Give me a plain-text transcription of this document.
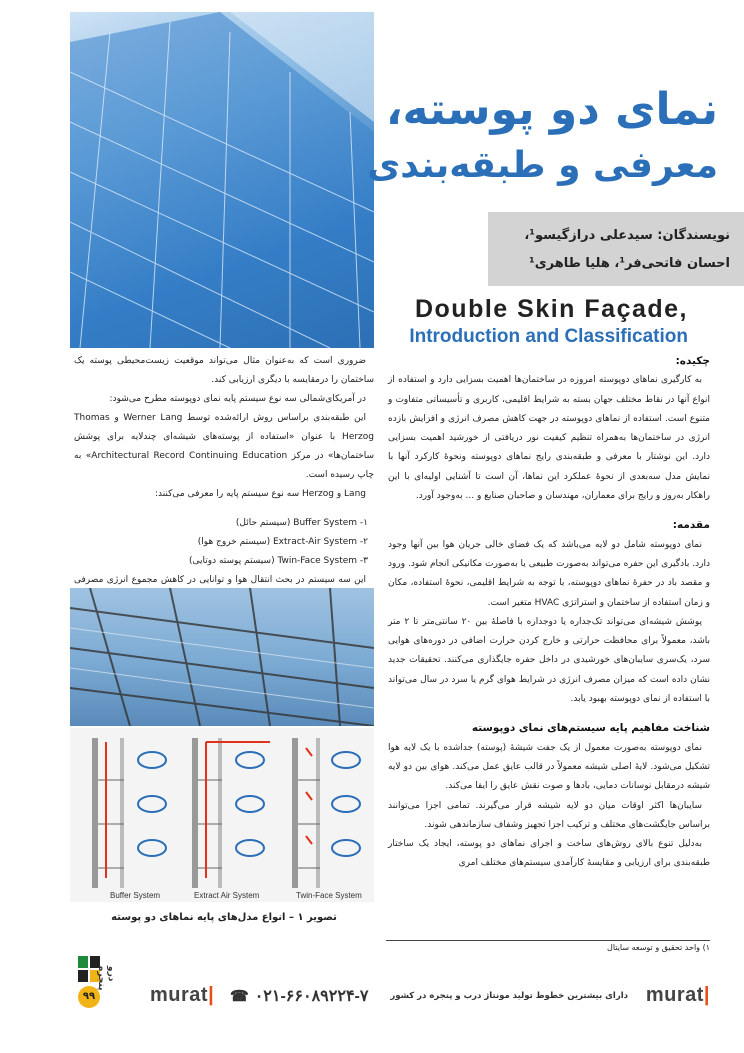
نمای دو پوسته،
معرفی و طبقه‌بندی
نویسندگان: سیدعلی درازگیسو¹،
احسان فاتحی‌فر¹، هلیا طاهری¹
Double Skin Façade,
Introduction and Classification
چکیده:
به کارگیری نماهای دوپوسته امروزه در ساختمان‌ها اهمیت بسزایی دارد و استفاده از انواع آنها در نقاط مختلف جهان بسته به شرایط اقلیمی، کاربری و تأسیساتی متفاوت و متنوع است. استفاده از نماهای دوپوسته در جهت کاهش مصرف انرژی و افزایش بازده انرژی در ساختمان‌ها به‌همراه تنظیم کیفیت نور دریافتی از خورشید اهمیت بسزایی دارد. این نوشتار با معرفی و طبقه‌بندی رایج نماهای دوپوسته ونحوۀ کارکرد آنها با نمایش مدل سه‌بعدی از نحوۀ عملکرد این نماها، آن است تا آشنایی اولیه‌ای با این راهکار به‌روز و رایج برای معماران، مهندسان و صاحبان صنایع و ... به‌وجود آورد.
مقدمه:
نمای دوپوسته شامل دو لایه می‌باشد که یک فضای خالی جریان هوا بین آنها وجود دارد. بادگیری این حفره می‌تواند به‌صورت طبیعی یا به‌صورت مکانیکی انجام شود. ورود و مقصد باد در حفرۀ نماهای دوپوسته، با توجه به شرایط اقلیمی، نحوۀ استفاده، مکان و زمان استفاده از ساختمان و استراتژی HVAC متغیر است.
پوشش شیشه‌ای می‌تواند تک‌جداره یا دوجداره با فاصلۀ بین ۲۰ سانتی‌متر تا ۲ متر باشد، معمولاً برای محافظت حرارتی و خارج کردن حرارت اضافی در دوره‌های هوایی سرد، یک‌سری سایبان‌های خورشیدی در داخل حفره جایگذاری می‌کنند. تحقیقات جدید نشان داده است که میزان مصرف انرژی در شرایط هوای گرم یا سرد در سال می‌تواند با استفاده از نمای دوپوسته بهبود یابد.
شناخت مفاهیم پایه سیستم‌های نمای دوپوسته
نمای دوپوسته به‌صورت معمول از یک جفت شیشۀ (پوسته) جداشده با یک لایه هوا تشکیل می‌شود. لایۀ اصلی شیشه معمولاً در قالب عایق عمل می‌کند. هوای بین دو لایه شیشه درمقابل نوسانات دمایی، بادها و صوت نقش عایق را ایفا می‌کند.
سایبان‌ها اکثر اوقات میان دو لایه شیشه قرار می‌گیرند. تمامی اجزا می‌توانند براساس جایگشت‌های مختلف و ترکیب اجزا تجهیز وشفاف سازماندهی شوند.
به‌دلیل تنوع بالای روش‌های ساخت و اجرای نماهای دو پوسته، ایجاد یک ساختار طبقه‌بندی برای ارزیابی و مقایسۀ کارآمدی سیستم‌های مختلف امری
ضروری است که به‌عنوان مثال می‌تواند موقعیت زیست‌محیطی پوسته یک ساختمان را درمقایسه با دیگری ارزیابی کند.
در آمریکای‌شمالی سه نوع سیستم پایه نمای دوپوسته مطرح می‌شود:
این طبقه‌بندی براساس روش ارائه‌شده توسط Werner Lang و Thomas Herzog با عنوان «استفاده از پوسته‌های شیشه‌ای چندلایه برای پوشش ساختمان‌ها» در مرکز Architectural Record Continuing Education» به چاپ رسیده است.
Lang و Herzog سه نوع سیستم پایه را معرفی می‌کنند:
۱- Buffer System (سیستم حائل)
۲- Extract-Air System (سیستم خروج هوا)
۳- Twin-Face System (سیستم پوسته دوتایی)
این سه سیستم در بحث انتقال هوا و توانایی در کاهش مجموع انرژی مصرفی
Buffer System	Extract Air System	Twin-Face System
تصویر ۱ – انواع مدل‌های پایه نماهای دو پوسته
۱) واحد تحقیق و توسعه سایتال
درو پنجره
۹۹	murat| ☎ ۰۲۱-۶۶۰۸۹۲۲۴-۷	دارای بیشترین خطوط تولید مونتاژ درب و پنجره در کشور murat|
